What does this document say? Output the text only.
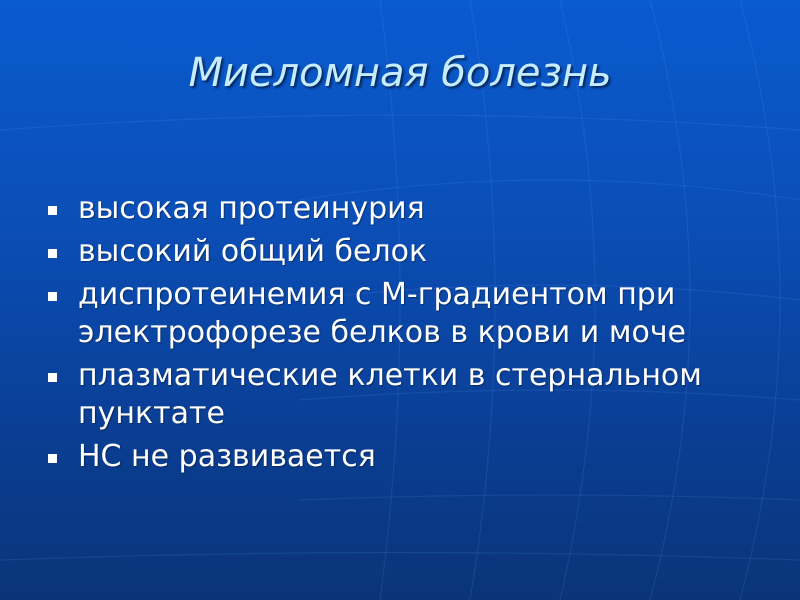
Миеломная болезнь
высокая протеинурия
высокий общий белок
диспротеинемия с М-градиентом при электрофорезе белков в крови и моче
плазматические клетки в стернальном пунктате
НС не развивается
